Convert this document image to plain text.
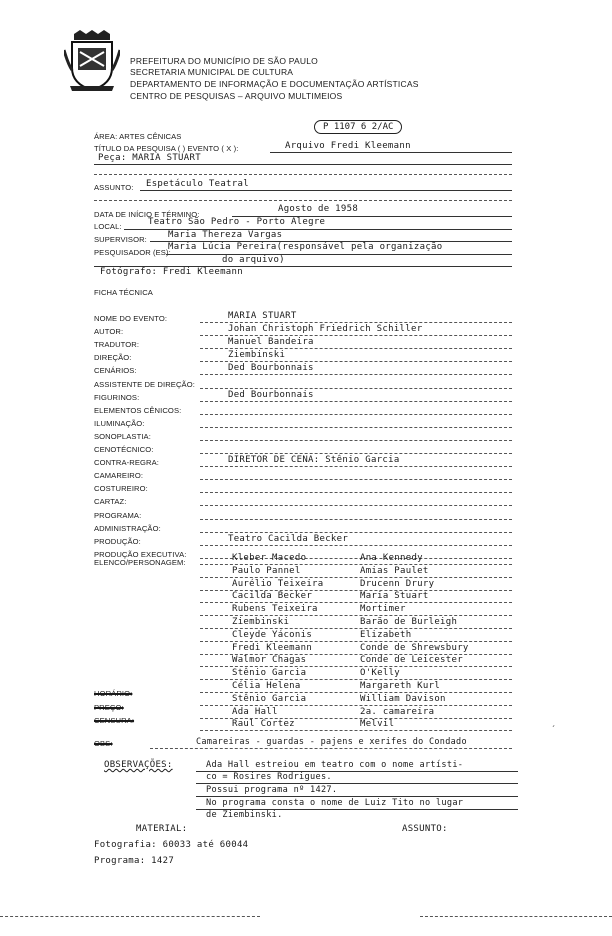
PREFEITURA DO MUNICÍPIO DE SÃO PAULO
SECRETARIA MUNICIPAL DE CULTURA
DEPARTAMENTO DE INFORMAÇÃO E DOCUMENTAÇÃO ARTÍSTICAS
CENTRO DE PESQUISAS – ARQUIVO MULTIMEIOS
P 1107 6 2/AC
ÁREA: ARTES CÊNICAS
TÍTULO DA PESQUISA ( ) EVENTO ( X ):	Arquivo Fredi Kleemann
Peça: MARIA STUART
ASSUNTO: Espetáculo Teatral
DATA DE INÍCIO E TÉRMINO:
Agosto de 1958
LOCAL:	Teatro São Pedro - Porto Alegre
SUPERVISOR: Maria Thereza Vargas
PESQUISADOR (ES):
Maria Lúcia Pereira(responsável pela organização
do arquivo)
Fotógrafo: Fredi Kleemann
FICHA TÉCNICA
NOME DO EVENTO:	MARIA STUART
AUTOR:	Johan Christoph Friedrich Schiller
TRADUTOR:	Manuel Bandeira
DIREÇÃO:	Ziembinski
CENÁRIOS:	Ded Bourbonnais
ASSISTENTE DE DIREÇÃO:
FIGURINOS:	Ded Bourbonnais
ELEMENTOS CÊNICOS:
ILUMINAÇÃO:
SONOPLASTIA:
CENOTÉCNICO:
CONTRA-REGRA:	DIRETOR DE CENA: Stênio Garcia
CAMAREIRO:
COSTUREIRO:
CARTAZ:
PROGRAMA:
ADMINISTRAÇÃO:
PRODUÇÃO:	Teatro Cacilda Becker
PRODUÇÃO EXECUTIVA:
ELENCO/PERSONAGEM:	Kleber Macedo	Ana Kennedy
Paulo Pannel	Amias Paulet
Aurélio Teixeira	Drucenn Drury
Cacilda Becker	Maria Stuart
Rubens Teixeira	Mortimer
Ziembinski	Barão de Burleigh
Cleyde Yáconis	Elizabeth
Fredi Kleemann	Conde de Shrewsbury
Walmor Chagas	Conde de Leicester
Stênio Garcia	O'Kelly
Célia Helena	Margareth Kurl
Stênio Garcia	William Davison
Ada Hall	2a. camareira
Raul Cortez	Melvil
HORÁRIO:
PREÇO:
CENSURA:
OBS:	Camareiras - guardas - pajens e xerifes do Condado
ˊ
OBSERVAÇÕES:	Ada Hall estreiou em teatro com o nome artísti-
co = Rosires Rodrigues.
Possui programa nº 1427.
No programa consta o nome de Luiz Tito no lugar
de Ziembinski.
MATERIAL:	ASSUNTO:
Fotografia: 60033 até 60044
Programa: 1427
